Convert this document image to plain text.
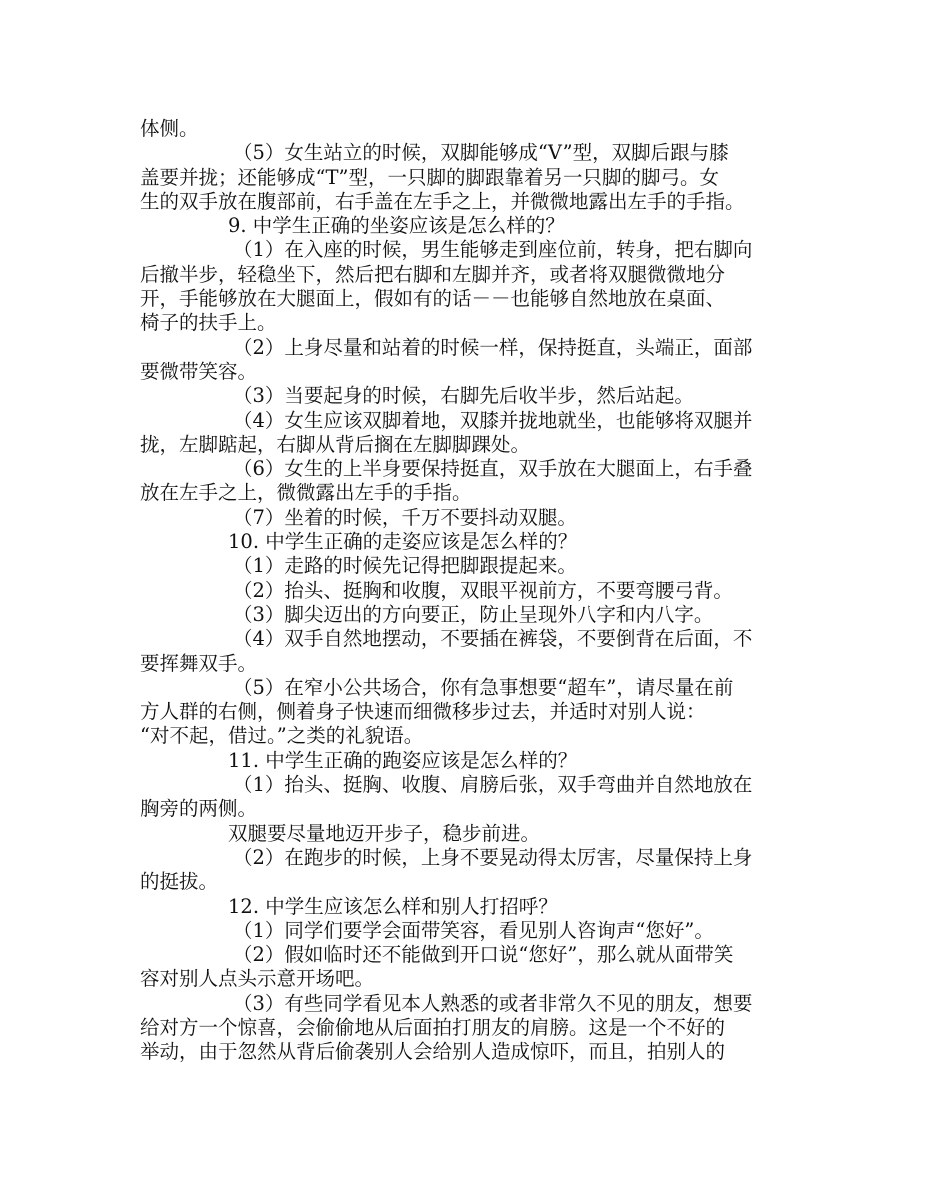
体侧。
（5）女生站立的时候，双脚能够成“V”型，双脚后跟与膝
盖要并拢；还能够成“T”型，一只脚的脚跟靠着另一只脚的脚弓。女
生的双手放在腹部前，右手盖在左手之上，并微微地露出左手的手指。
9. 中学生正确的坐姿应该是怎么样的？
（1）在入座的时候，男生能够走到座位前，转身，把右脚向
后撤半步，轻稳坐下，然后把右脚和左脚并齐，或者将双腿微微地分
开，手能够放在大腿面上，假如有的话－－也能够自然地放在桌面、
椅子的扶手上。
（2）上身尽量和站着的时候一样，保持挺直，头端正，面部
要微带笑容。
（3）当要起身的时候，右脚先后收半步，然后站起。
（4）女生应该双脚着地，双膝并拢地就坐，也能够将双腿并
拢，左脚踮起，右脚从背后搁在左脚脚踝处。
（6）女生的上半身要保持挺直，双手放在大腿面上，右手叠
放在左手之上，微微露出左手的手指。
（7）坐着的时候，千万不要抖动双腿。
10. 中学生正确的走姿应该是怎么样的？
（1）走路的时候先记得把脚跟提起来。
（2）抬头、挺胸和收腹，双眼平视前方，不要弯腰弓背。
（3）脚尖迈出的方向要正，防止呈现外八字和内八字。
（4）双手自然地摆动，不要插在裤袋，不要倒背在后面，不
要挥舞双手。
（5）在窄小公共场合，你有急事想要“超车”，请尽量在前
方人群的右侧，侧着身子快速而细微移步过去，并适时对别人说：
“对不起，借过。”之类的礼貌语。
11. 中学生正确的跑姿应该是怎么样的？
（1）抬头、挺胸、收腹、肩膀后张，双手弯曲并自然地放在
胸旁的两侧。
双腿要尽量地迈开步子，稳步前进。
（2）在跑步的时候，上身不要晃动得太厉害，尽量保持上身
的挺拔。
12. 中学生应该怎么样和别人打招呼？
（1）同学们要学会面带笑容，看见别人咨询声“您好”。
（2）假如临时还不能做到开口说“您好”，那么就从面带笑
容对别人点头示意开场吧。
（3）有些同学看见本人熟悉的或者非常久不见的朋友，想要
给对方一个惊喜，会偷偷地从后面拍打朋友的肩膀。这是一个不好的
举动，由于忽然从背后偷袭别人会给别人造成惊吓，而且，拍别人的
